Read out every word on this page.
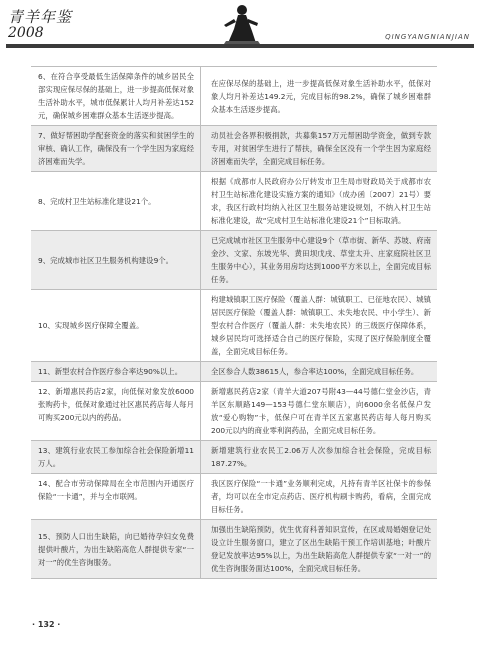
青羊年鉴
2008	QINGYANGNIANJIAN
6、在符合享受最低生活保障条件的城乡居民全部实现应保尽保的基础上，进一步提高低保对象生活补助水平，城市低保累计人均月补差达152元，确保城乡困难群众基本生活逐步提高。
在应保尽保的基础上，进一步提高低保对象生活补助水平，低保对象人均月补差达149.2元，完成目标的98.2%，确保了城乡困难群众基本生活逐步提高。
7、做好帮困助学配套资金的落实和贫困学生的审核、确认工作，确保没有一个学生因为家庭经济困难而失学。
动员社会各界积极捐款，共募集157万元帮困助学资金，做到专款专用，对贫困学生进行了帮扶，确保全区没有一个学生因为家庭经济困难而失学，全面完成目标任务。
8、完成村卫生站标准化建设21个。
根据《成都市人民政府办公厅转发市卫生局市财政局关于成都市农村卫生站标准化建设实施方案的通知》（成办函〔2007〕21号）要求，我区行政村均纳入社区卫生服务站建设规划，不纳入村卫生站标准化建设，故“完成村卫生站标准化建设21个”目标取消。
9、完成城市社区卫生服务机构建设9个。
已完成城市社区卫生服务中心建设9个（草市街、新华、苏坡、府南金沙、文家、东坡光华、黄田坝戊戌、草堂太升、庄家庭院社区卫生服务中心），其业务用房均达到1000平方米以上，全面完成目标任务。
10、实现城乡医疗保障全覆盖。
构建城镇职工医疗保险（覆盖人群：城镇职工、已征地农民）、城镇居民医疗保险（覆盖人群：城镇职工、未失地农民、中小学生）、新型农村合作医疗（覆盖人群：未失地农民）的三级医疗保障体系，城乡居民均可选择适合自己的医疗保险，实现了医疗保险制度全覆盖，全面完成目标任务。
11、新型农村合作医疗参合率达90%以上。	全区参合人数38615人，参合率达100%，全面完成目标任务。
12、新增惠民药店2家，向低保对象发放6000张购药卡，低保对象通过社区惠民药店每人每月可购买200元以内的药品。
新增惠民药店2家（青羊大道207号附43—44号德仁堂金沙店，青羊区东顺路149—153号德仁堂东顺店），向6000余名低保户发放“爱心购物”卡，低保户可在青羊区五家惠民药店每人每月购买200元以内的商业零利润药品，全面完成目标任务。
13、建筑行业农民工参加综合社会保险新增11万人。
新增建筑行业农民工2.06万人次参加综合社会保险，完成目标187.27%。
14、配合市劳动保障局在全市范围内开通医疗保险“一卡通”，并与全市联网。
我区医疗保险“一卡通”业务顺利完成，凡持有青羊区社保卡的参保者，均可以在全市定点药店、医疗机构刷卡购药，看病，全面完成目标任务。
15、预防人口出生缺陷，向已婚待孕妇女免费提供叶酸片，为出生缺陷高危人群提供专家“一对一”的优生咨询服务。
加强出生缺陷预防，优生优育科普知识宣传，在区或局婚姻登记处设立计生服务窗口，建立了区出生缺陷干预工作培训基地；叶酸片登记发放率达95%以上，为出生缺陷高危人群提供专家“一对一”的优生咨询服务面达100%，全面完成目标任务。
· 132 ·
